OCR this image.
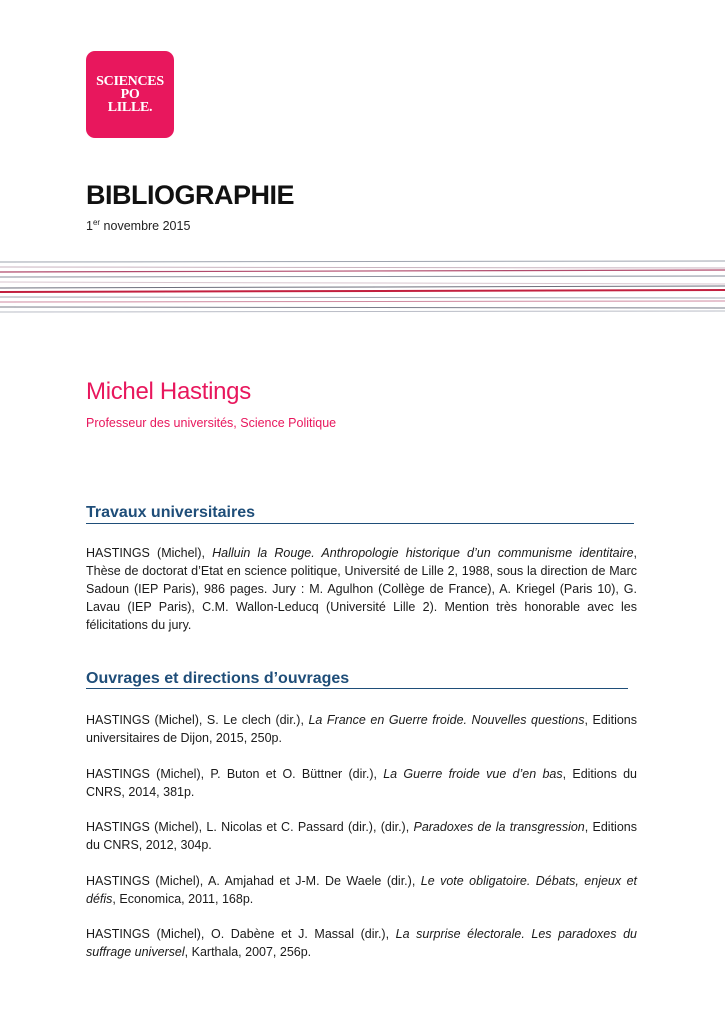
SCIENCES
PO
LILLE.
BIBLIOGRAPHIE
1er novembre 2015
Michel Hastings
Professeur des universités, Science Politique
Travaux universitaires

HASTINGS (Michel), Halluin la Rouge. Anthropologie historique d’un communisme identitaire, Thèse de doctorat d’Etat en science politique, Université de Lille 2, 1988, sous la direction de Marc Sadoun (IEP Paris), 986 pages. Jury : M. Agulhon (Collège de France), A. Kriegel (Paris 10), G. Lavau (IEP Paris), C.M. Wallon-Leducq (Université Lille 2). Mention très honorable avec les félicitations du jury.

Ouvrages et directions d’ouvrages

HASTINGS (Michel), S. Le clech (dir.), La France en Guerre froide. Nouvelles questions, Editions universitaires de Dijon, 2015, 250p.

HASTINGS (Michel), P. Buton et O. Büttner (dir.), La Guerre froide vue d’en bas, Editions du CNRS, 2014, 381p.

HASTINGS (Michel), L. Nicolas et C. Passard (dir.), (dir.), Paradoxes de la transgression, Editions du CNRS, 2012, 304p.

HASTINGS (Michel), A. Amjahad et J-M. De Waele (dir.), Le vote obligatoire. Débats, enjeux et défis, Economica, 2011, 168p.

HASTINGS (Michel), O. Dabène et J. Massal (dir.), La surprise électorale. Les paradoxes du suffrage universel, Karthala, 2007, 256p.
